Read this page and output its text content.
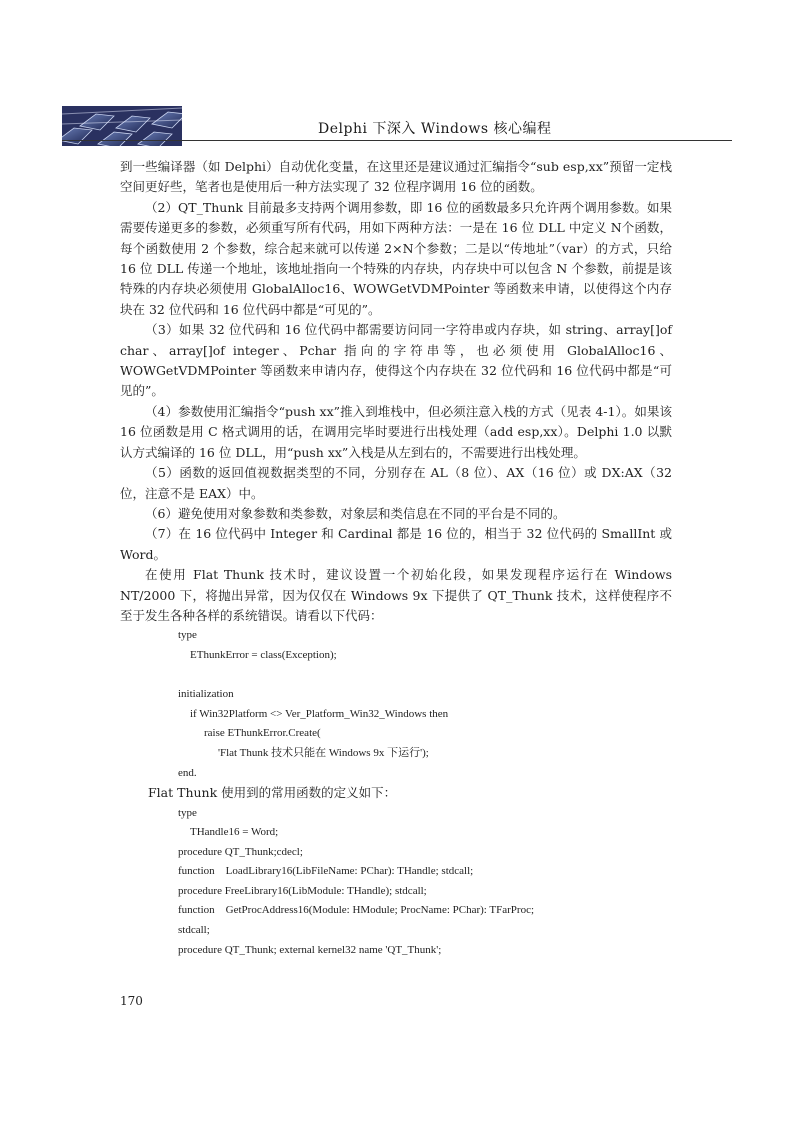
Delphi 下深入 Windows 核心编程

到一些编译器（如 Delphi）自动优化变量，在这里还是建议通过汇编指令“sub esp,xx”预留一定栈空间更好些，笔者也是使用后一种方法实现了 32 位程序调用 16 位的函数。

（2）QT_Thunk 目前最多支持两个调用参数，即 16 位的函数最多只允许两个调用参数。如果需要传递更多的参数，必须重写所有代码，用如下两种方法：一是在 16 位 DLL 中定义 N个函数，每个函数使用 2 个参数，综合起来就可以传递 2×N个参数；二是以“传地址”（var）的方式，只给 16 位 DLL 传递一个地址，该地址指向一个特殊的内存块，内存块中可以包含 N 个参数，前提是该特殊的内存块必须使用 GlobalAlloc16、WOWGetVDMPointer 等函数来申请，以使得这个内存块在 32 位代码和 16 位代码中都是“可见的”。

（3）如果 32 位代码和 16 位代码中都需要访问同一字符串或内存块，如 string、array[]of char、array[]of integer、Pchar 指向的字符串等，也必须使用 GlobalAlloc16、WOWGetVDMPointer 等函数来申请内存，使得这个内存块在 32 位代码和 16 位代码中都是“可见的”。

（4）参数使用汇编指令“push xx”推入到堆栈中，但必须注意入栈的方式（见表 4-1）。如果该 16 位函数是用 C 格式调用的话，在调用完毕时要进行出栈处理（add esp,xx）。Delphi 1.0 以默认方式编译的 16 位 DLL，用“push xx”入栈是从左到右的，不需要进行出栈处理。

（5）函数的返回值视数据类型的不同，分别存在 AL（8 位）、AX（16 位）或 DX:AX（32 位，注意不是 EAX）中。

（6）避免使用对象参数和类参数，对象层和类信息在不同的平台是不同的。

（7）在 16 位代码中 Integer 和 Cardinal 都是 16 位的，相当于 32 位代码的 SmallInt 或 Word。

在使用 Flat Thunk 技术时，建议设置一个初始化段，如果发现程序运行在 Windows NT/2000 下，将抛出异常，因为仅仅在 Windows 9x 下提供了 QT_Thunk 技术，这样使程序不至于发生各种各样的系统错误。请看以下代码：

type

EThunkError = class(Exception);

initialization

if Win32Platform <> Ver_Platform_Win32_Windows then

raise EThunkError.Create(

'Flat Thunk 技术只能在 Windows 9x 下运行');

end.

Flat Thunk 使用到的常用函数的定义如下：

type

THandle16 = Word;

procedure QT_Thunk;cdecl;

function    LoadLibrary16(LibFileName: PChar): THandle; stdcall;

procedure FreeLibrary16(LibModule: THandle); stdcall;

function    GetProcAddress16(Module: HModule; ProcName: PChar): TFarProc;

stdcall;

procedure QT_Thunk; external kernel32 name 'QT_Thunk';

170
